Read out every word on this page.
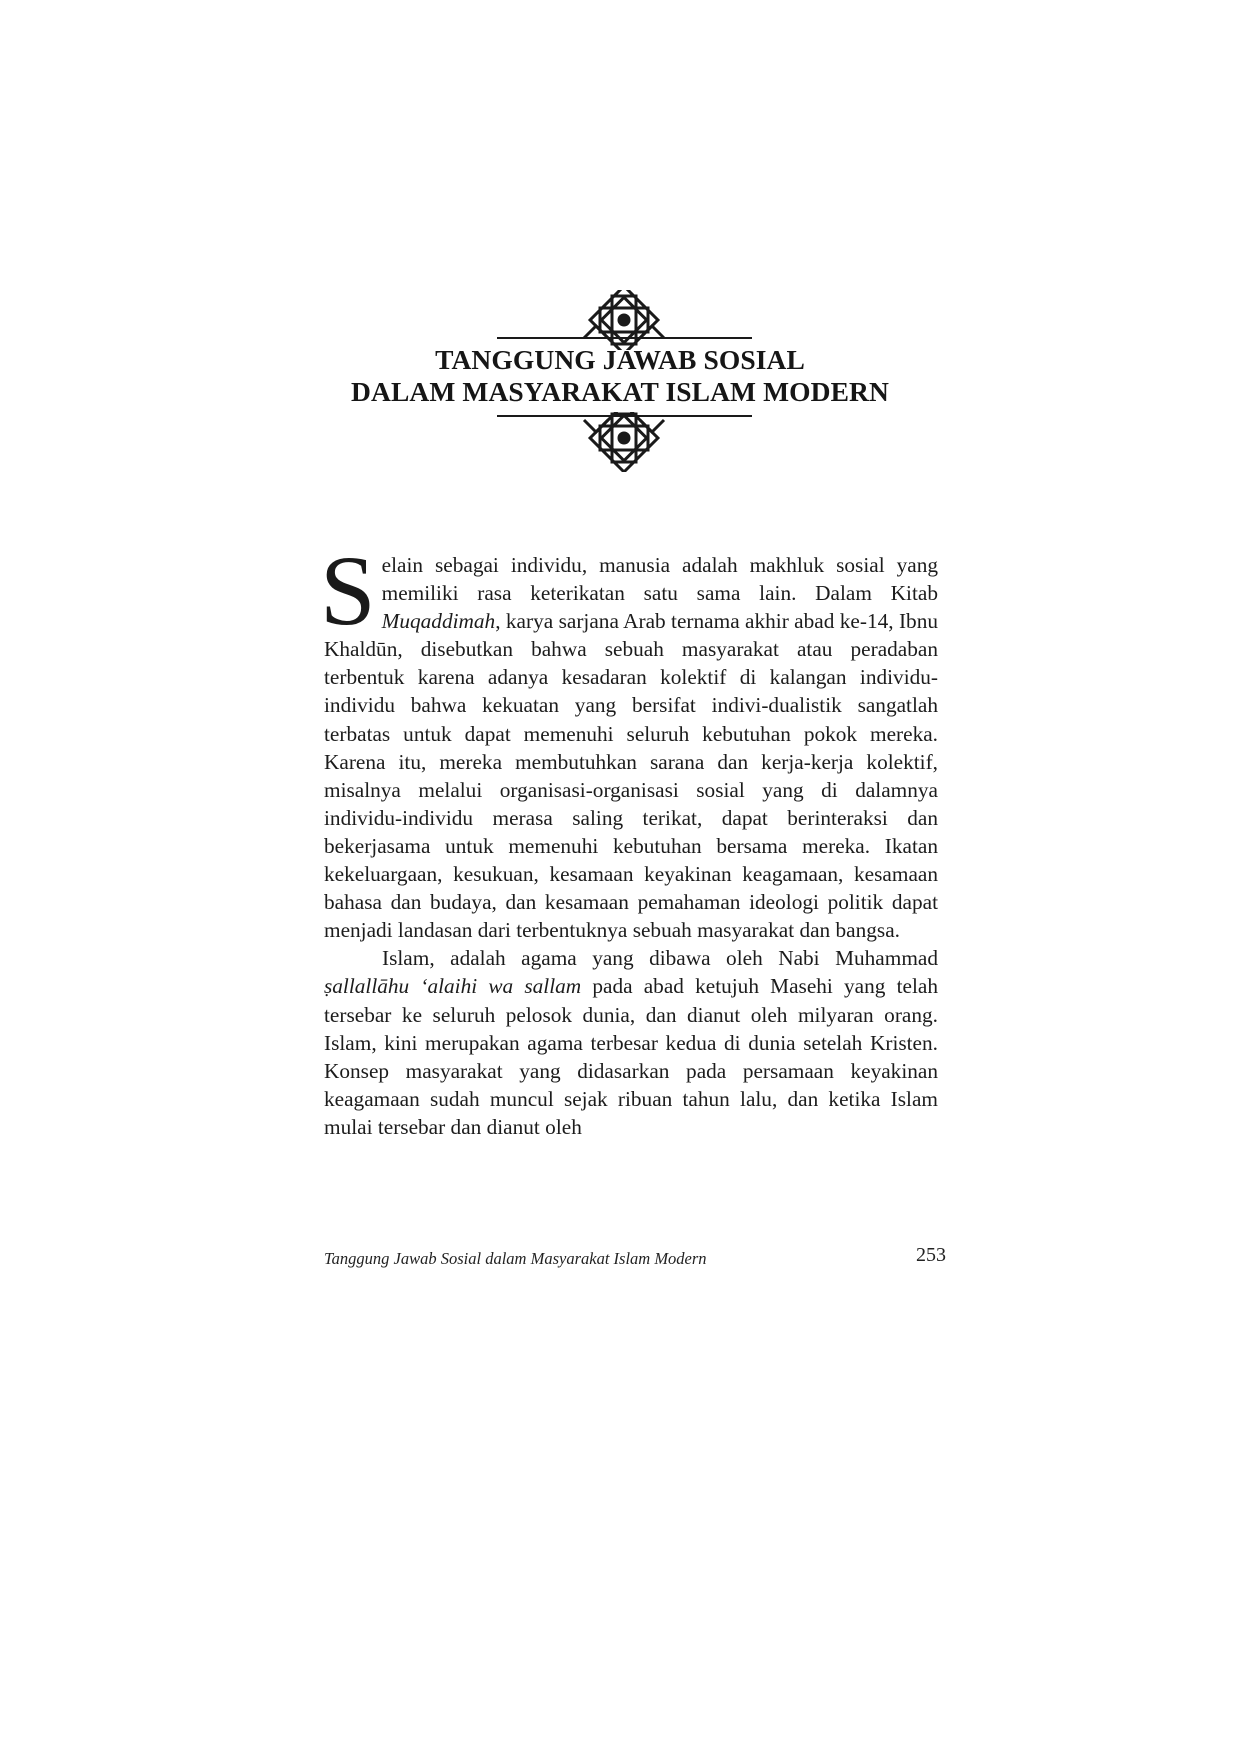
TANGGUNG JAWAB SOSIAL
DALAM MASYARAKAT ISLAM MODERN

Selain sebagai individu, manusia adalah makhluk sosial yang memiliki rasa keterikatan satu sama lain. Dalam Kitab Muqaddimah, karya sarjana Arab ternama akhir abad ke-14, Ibnu Khaldūn, disebutkan bahwa sebuah masyarakat atau peradaban terbentuk karena adanya kesadaran kolektif di kalangan individu-individu bahwa kekuatan yang bersifat indivi-dualistik sangatlah terbatas untuk dapat memenuhi seluruh kebutuhan pokok mereka. Karena itu, mereka membutuhkan sarana dan kerja-kerja kolektif, misalnya melalui organisasi-organisasi sosial yang di dalamnya individu-individu merasa saling terikat, dapat berinteraksi dan bekerjasama untuk memenuhi kebutuhan bersama mereka. Ikatan kekeluargaan, kesukuan, kesamaan keyakinan keagamaan, kesamaan bahasa dan budaya, dan kesamaan pemahaman ideologi politik dapat menjadi landasan dari terbentuknya sebuah masyarakat dan bangsa.

Islam, adalah agama yang dibawa oleh Nabi Muhammad ṣallallāhu ‘alaihi wa sallam pada abad ketujuh Masehi yang telah tersebar ke seluruh pelosok dunia, dan dianut oleh milyaran orang. Islam, kini merupakan agama terbesar kedua di dunia setelah Kristen. Konsep masyarakat yang didasarkan pada persamaan keyakinan keagamaan sudah muncul sejak ribuan tahun lalu, dan ketika Islam mulai tersebar dan dianut oleh

Tanggung Jawab Sosial dalam Masyarakat Islam Modern	253
